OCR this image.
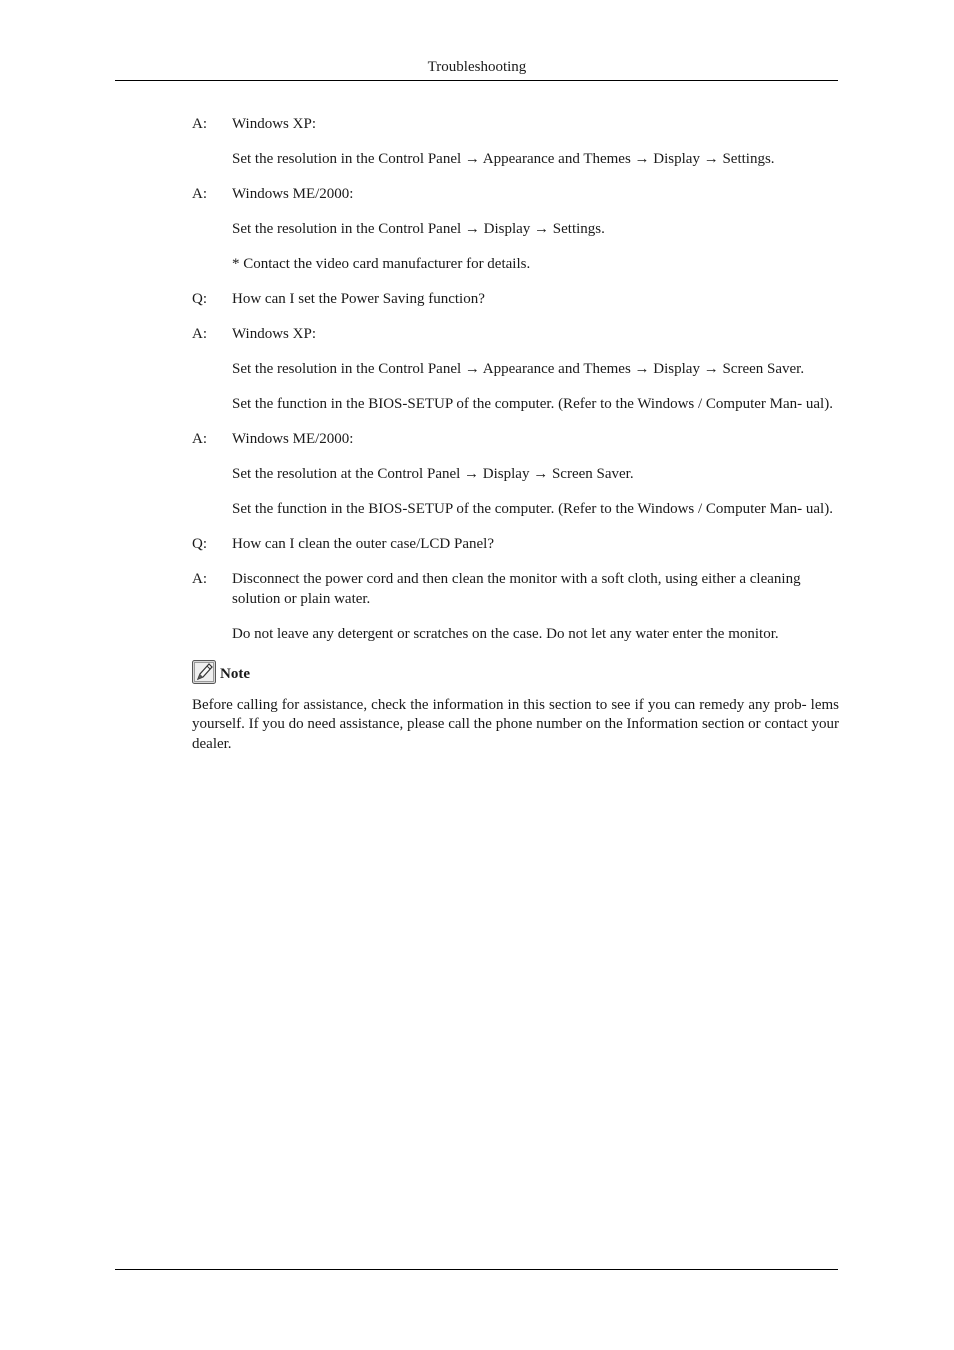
Troubleshooting
A:	Windows XP:
Set the resolution in the Control Panel → Appearance and Themes → Display → Settings.
A:	Windows ME/2000:
Set the resolution in the Control Panel → Display → Settings.
* Contact the video card manufacturer for details.
Q:	How can I set the Power Saving function?
A:	Windows XP:
Set the resolution in the Control Panel → Appearance and Themes → Display → Screen Saver.
Set the function in the BIOS-SETUP of the computer. (Refer to the Windows / Computer Man- ual).
A:	Windows ME/2000:
Set the resolution at the Control Panel → Display → Screen Saver.
Set the function in the BIOS-SETUP of the computer. (Refer to the Windows / Computer Man- ual).
Q:	How can I clean the outer case/LCD Panel?
A:	Disconnect the power cord and then clean the monitor with a soft cloth, using either a cleaning solution or plain water.
Do not leave any detergent or scratches on the case. Do not let any water enter the monitor.
Note
Before calling for assistance, check the information in this section to see if you can remedy any prob- lems yourself. If you do need assistance, please call the phone number on the Information section or contact your dealer.
